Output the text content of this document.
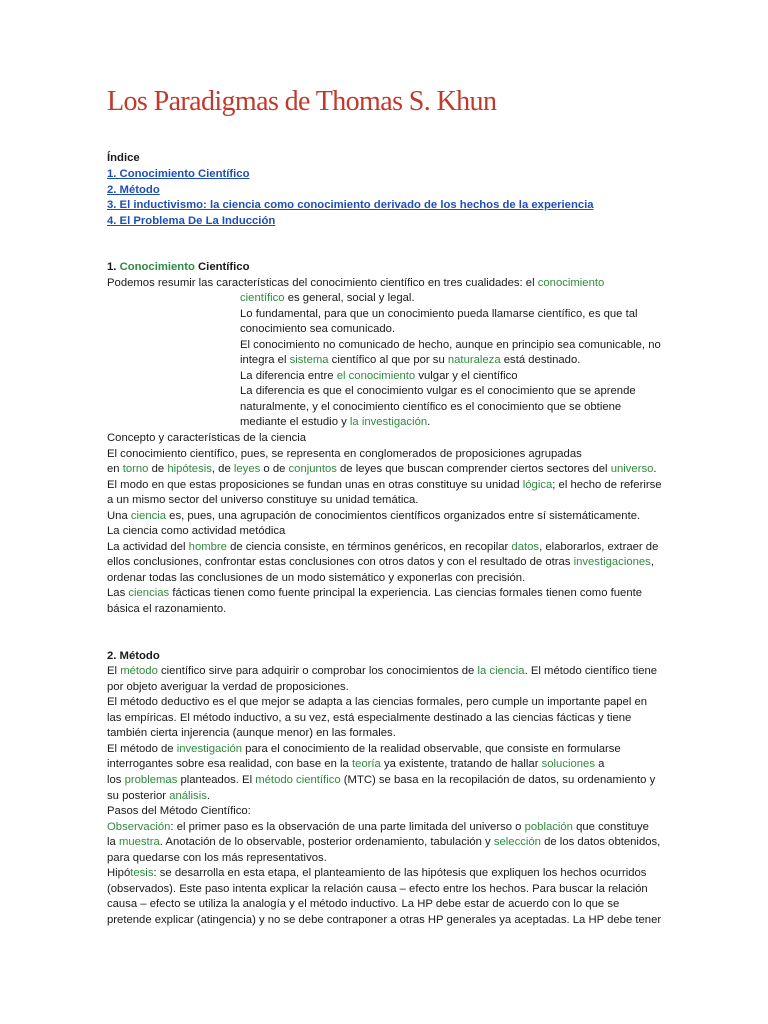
Los Paradigmas de Thomas S. Khun
Índice
1. Conocimiento Científico
2. Método
3. El inductivismo: la ciencia como conocimiento derivado de los hechos de la experiencia
4. El Problema De La Inducción
1. Conocimiento Científico

Podemos resumir las características del conocimiento científico en tres cualidades: el conocimiento

científico es general, social y legal.

Lo fundamental, para que un conocimiento pueda llamarse científico, es que tal

conocimiento sea comunicado.

El conocimiento no comunicado de hecho, aunque en principio sea comunicable, no

integra el sistema científico al que por su naturaleza está destinado.

La diferencia entre el conocimiento vulgar y el científico

La diferencia es que el conocimiento vulgar es el conocimiento que se aprende

naturalmente, y el conocimiento científico es el conocimiento que se obtiene

mediante el estudio y la investigación.

Concepto y características de la ciencia

El conocimiento científico, pues, se representa en conglomerados de proposiciones agrupadas

en torno de hipótesis, de leyes o de conjuntos de leyes que buscan comprender ciertos sectores del universo.

El modo en que estas proposiciones se fundan unas en otras constituye su unidad lógica; el hecho de referirse

a un mismo sector del universo constituye su unidad temática.

Una ciencia es, pues, una agrupación de conocimientos científicos organizados entre sí sistemáticamente.

La ciencia como actividad metódica

La actividad del hombre de ciencia consiste, en términos genéricos, en recopilar datos, elaborarlos, extraer de

ellos conclusiones, confrontar estas conclusiones con otros datos y con el resultado de otras investigaciones,

ordenar todas las conclusiones de un modo sistemático y exponerlas con precisión.

Las ciencias fácticas tienen como fuente principal la experiencia. Las ciencias formales tienen como fuente

básica el razonamiento.

2. Método

El método científico sirve para adquirir o comprobar los conocimientos de la ciencia. El método científico tiene

por objeto averiguar la verdad de proposiciones.

El método deductivo es el que mejor se adapta a las ciencias formales, pero cumple un importante papel en

las empíricas. El método inductivo, a su vez, está especialmente destinado a las ciencias fácticas y tiene

también cierta injerencia (aunque menor) en las formales.

El método de investigación para el conocimiento de la realidad observable, que consiste en formularse

interrogantes sobre esa realidad, con base en la teoría ya existente, tratando de hallar soluciones a

los problemas planteados. El método científico (MTC) se basa en la recopilación de datos, su ordenamiento y

su posterior análisis.

Pasos del Método Científico:

Observación: el primer paso es la observación de una parte limitada del universo o población que constituye

la muestra. Anotación de lo observable, posterior ordenamiento, tabulación y selección de los datos obtenidos,

para quedarse con los más representativos.

Hipótesis: se desarrolla en esta etapa, el planteamiento de las hipótesis que expliquen los hechos ocurridos

(observados). Este paso intenta explicar la relación causa – efecto entre los hechos. Para buscar la relación

causa – efecto se utiliza la analogía y el método inductivo. La HP debe estar de acuerdo con lo que se

pretende explicar (atingencia) y no se debe contraponer a otras HP generales ya aceptadas. La HP debe tener
